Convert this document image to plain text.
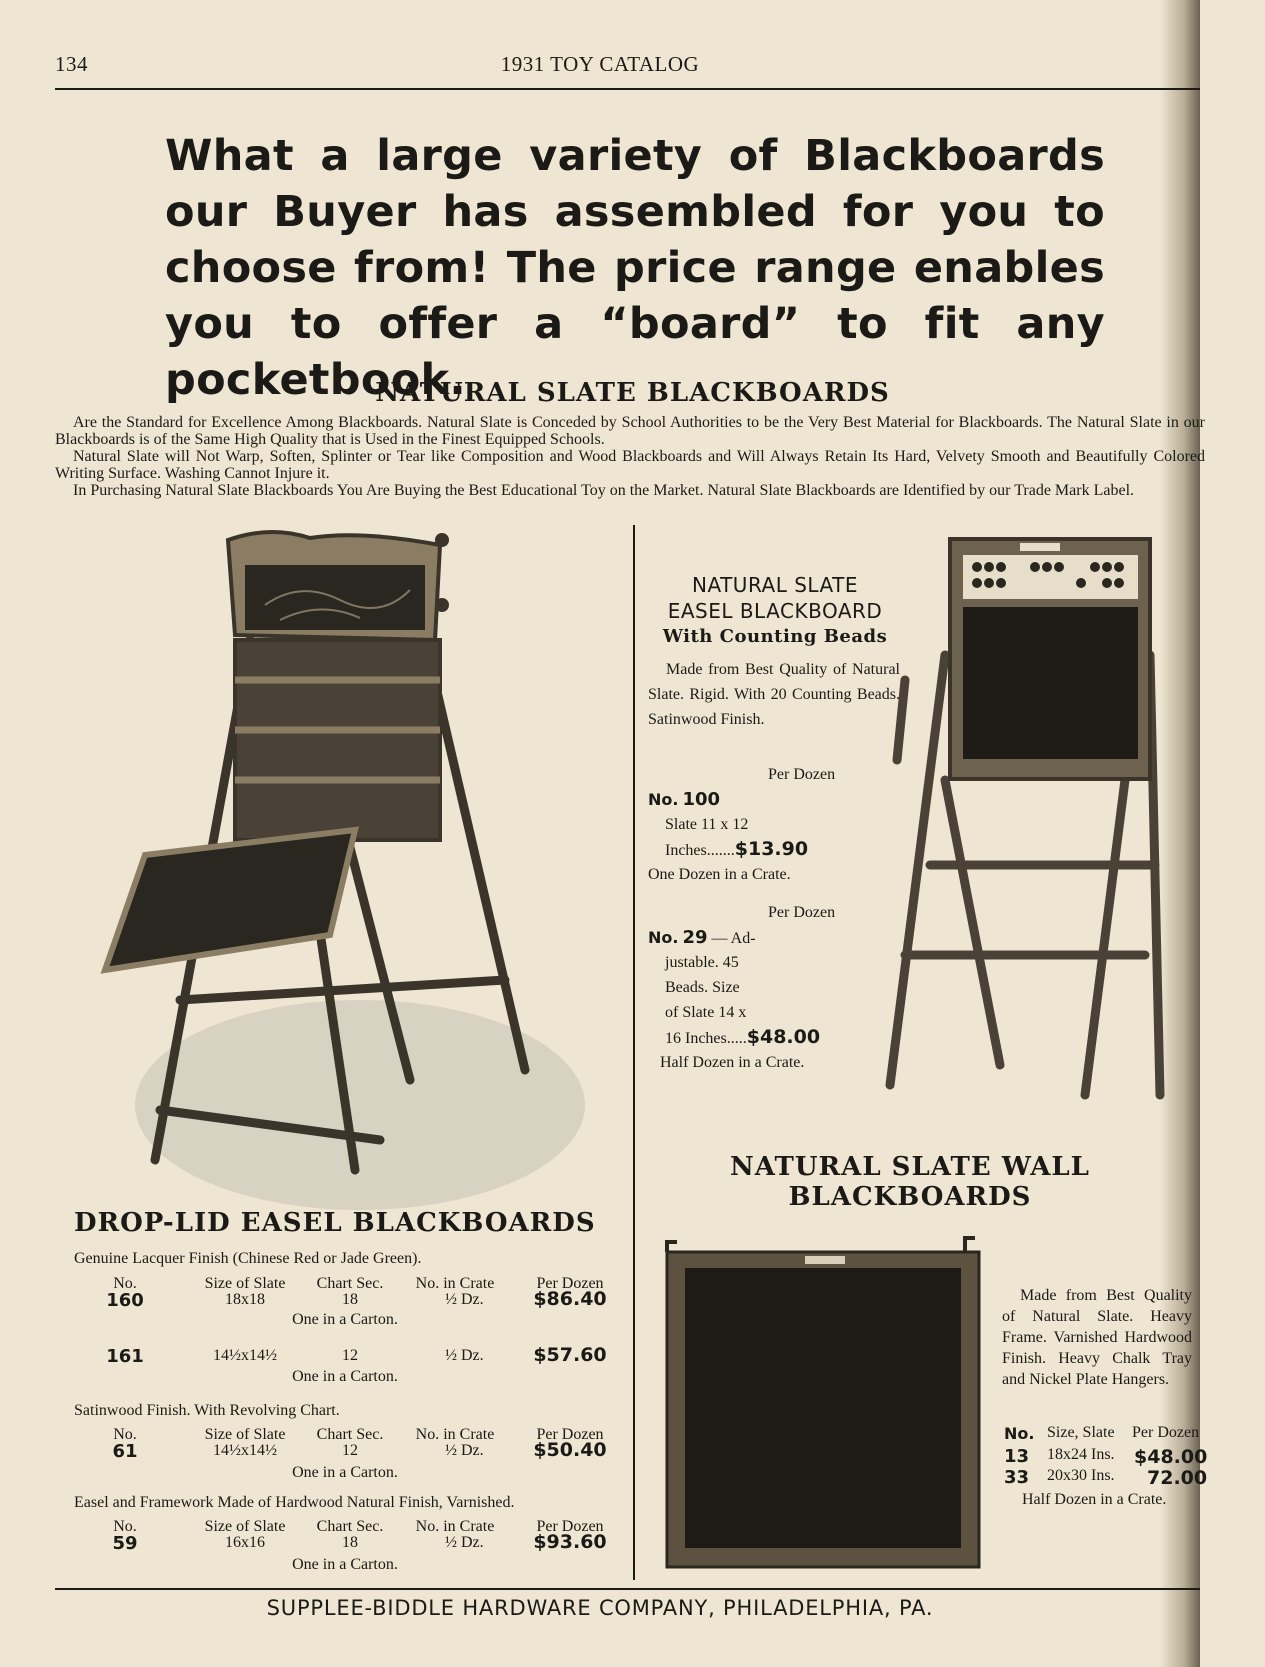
134	1931 TOY CATALOG
What a large variety of Blackboards our Buyer has assembled for you to choose from! The price range enables you to offer a “board” to fit any pocketbook.
NATURAL SLATE BLACKBOARDS

Are the Standard for Excellence Among Blackboards. Natural Slate is Conceded by School Authorities to be the Very Best Material for Blackboards. The Natural Slate in our Blackboards is of the Same High Quality that is Used in the Finest Equipped Schools.

Natural Slate will Not Warp, Soften, Splinter or Tear like Composition and Wood Blackboards and Will Always Retain Its Hard, Velvety Smooth and Beautifully Colored Writing Surface. Washing Cannot Injure it.

In Purchasing Natural Slate Blackboards You Are Buying the Best Educational Toy on the Market. Natural Slate Blackboards are Identified by our Trade Mark Label.

DROP-LID EASEL BLACKBOARDS
Genuine Lacquer Finish (Chinese Red or Jade Green).
No.	Size of Slate	Chart Sec.	No. in Crate	Per Dozen
160	18x18	18	½ Dz.	$86.40
One in a Carton.
161	14½x14½	12	½ Dz.	$57.60
One in a Carton.
Satinwood Finish. With Revolving Chart.
No.	Size of Slate	Chart Sec.	No. in Crate	Per Dozen
61	14½x14½	12	½ Dz.	$50.40
One in a Carton.
Easel and Framework Made of Hardwood Natural Finish, Varnished.
No.	Size of Slate	Chart Sec.	No. in Crate	Per Dozen
59	16x16	18	½ Dz.	$93.60
One in a Carton.
NATURAL SLATE
EASEL BLACKBOARD
With Counting Beads
Made from Best Quality of Natural Slate. Rigid. With 20 Counting Beads. Satinwood Finish.
Per Dozen
No. 100
Slate 11 x 12
Inches.......$13.90
One Dozen in a Crate.
Per Dozen
No. 29 — Ad-
justable. 45
Beads. Size
of Slate 14 x
16 Inches.....$48.00
Half Dozen in a Crate.
NATURAL SLATE WALL
BLACKBOARDS
Made from Best Quality of Natural Slate. Heavy Frame. Varnished Hardwood Finish. Heavy Chalk Tray and Nickel Plate Hangers.
No. Size, Slate Per Dozen
13 18x24 Ins. $48.00
33 20x30 Ins. 72.00
Half Dozen in a Crate.
SUPPLEE-BIDDLE HARDWARE COMPANY, PHILADELPHIA, PA.
